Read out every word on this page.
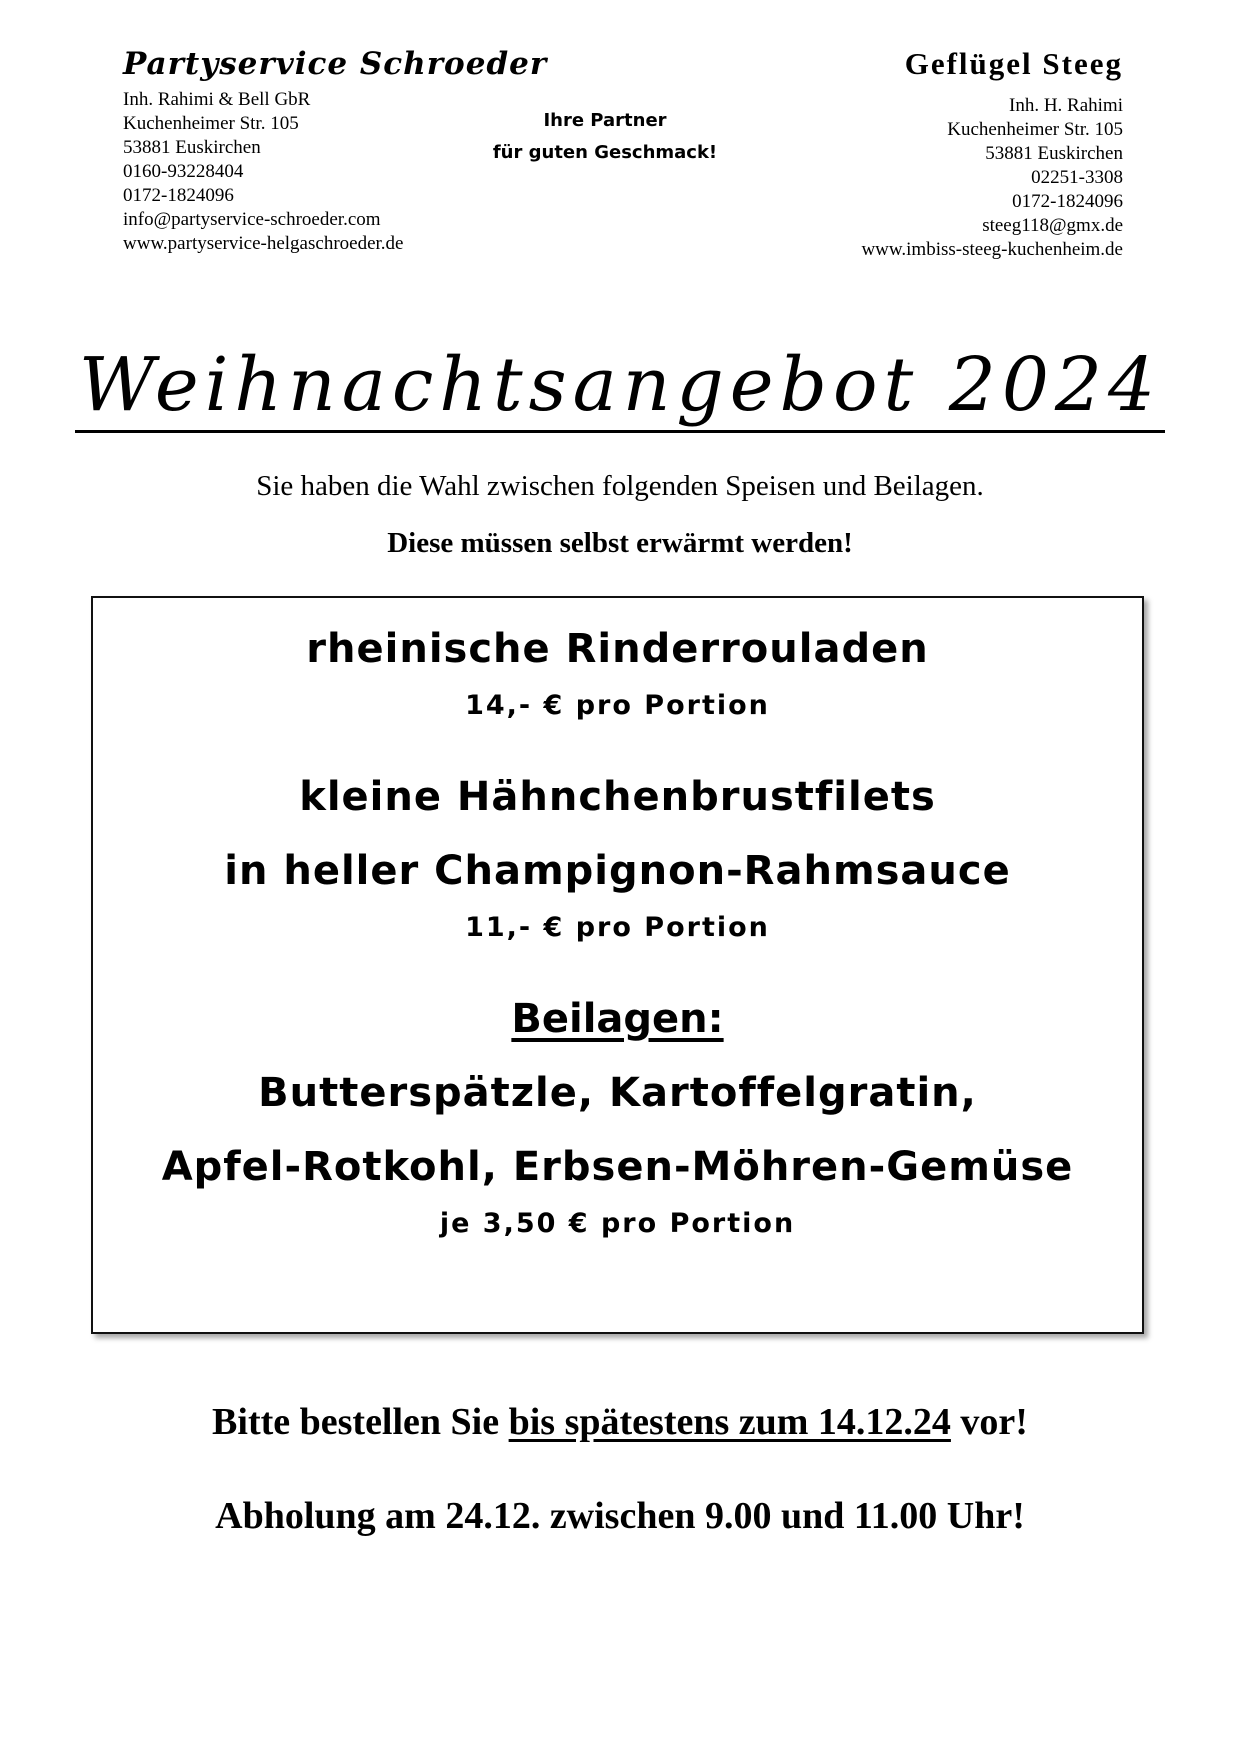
Partyservice Schroeder
Inh. Rahimi & Bell GbR
Kuchenheimer Str. 105
53881 Euskirchen
0160-93228404
0172-1824096
info@partyservice-schroeder.com
www.partyservice-helgaschroeder.de
Ihre Partner
für guten Geschmack!
Geflügel Steeg
Inh. H. Rahimi
Kuchenheimer Str. 105
53881 Euskirchen
02251-3308
0172-1824096
steeg118@gmx.de
www.imbiss-steeg-kuchenheim.de
Weihnachtsangebot 2024
Sie haben die Wahl zwischen folgenden Speisen und Beilagen.
Diese müssen selbst erwärmt werden!
rheinische Rinderrouladen
14,- € pro Portion
kleine Hähnchenbrustfilets
in heller Champignon-Rahmsauce
11,- € pro Portion
Beilagen:
Butterspätzle, Kartoffelgratin,
Apfel-Rotkohl, Erbsen-Möhren-Gemüse
je 3,50 € pro Portion
Bitte bestellen Sie bis spätestens zum 14.12.24 vor!
Abholung am 24.12. zwischen 9.00 und 11.00 Uhr!
